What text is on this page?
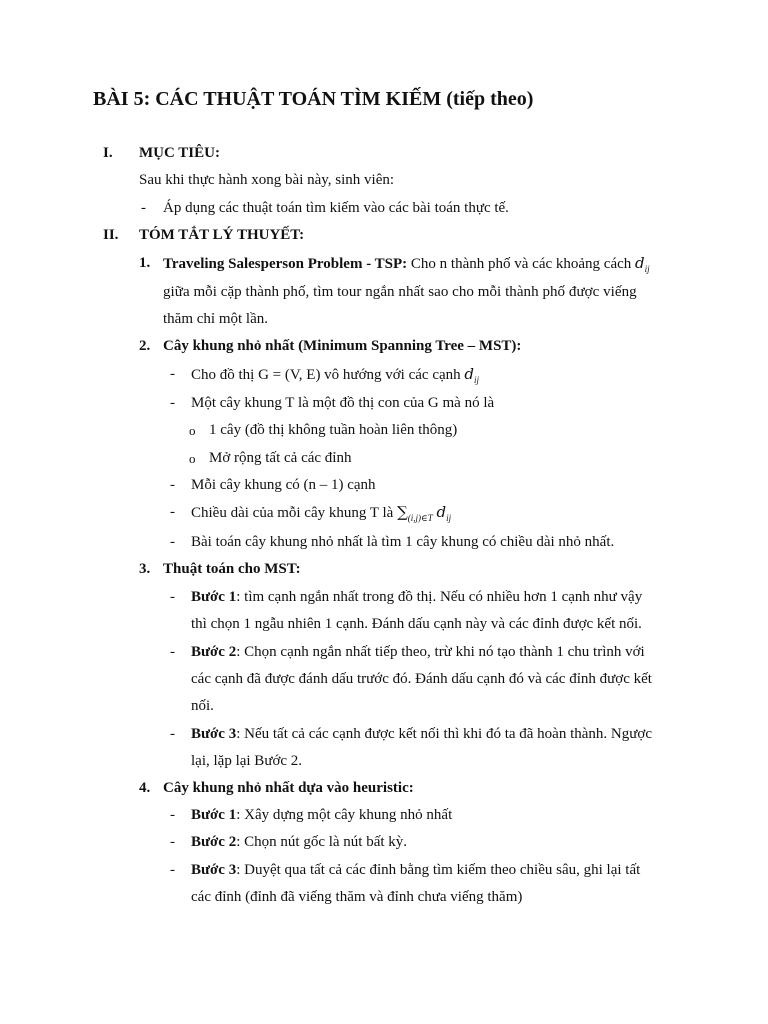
BÀI 5: CÁC THUẬT TOÁN TÌM KIẾM (tiếp theo)
I. MỤC TIÊU:
Sau khi thực hành xong bài này, sinh viên:
- Áp dụng các thuật toán tìm kiếm vào các bài toán thực tế.
II. TÓM TẮT LÝ THUYẾT:
1. Traveling Salesperson Problem - TSP: Cho n thành phố và các khoảng cách $d_{ij}$
giữa mỗi cặp thành phố, tìm tour ngắn nhất sao cho mỗi thành phố được viếng
thăm chỉ một lần.
2. Cây khung nhỏ nhất (Minimum Spanning Tree – MST):
- Cho đồ thị G = (V, E) vô hướng với các cạnh $d_{ij}$
- Một cây khung T là một đồ thị con của G mà nó là
o 1 cây (đồ thị không tuần hoàn liên thông)
o Mở rộng tất cả các đỉnh
- Mỗi cây khung có (n – 1) cạnh
- Chiều dài của mỗi cây khung T là $\sum_{(i,j)\in T}$ $d_{ij}$
- Bài toán cây khung nhỏ nhất là tìm 1 cây khung có chiều dài nhỏ nhất.
3. Thuật toán cho MST:
- Bước 1: tìm cạnh ngắn nhất trong đồ thị. Nếu có nhiều hơn 1 cạnh như vậy
thì chọn 1 ngẫu nhiên 1 cạnh. Đánh dấu cạnh này và các đỉnh được kết nối.
- Bước 2: Chọn cạnh ngắn nhất tiếp theo, trừ khi nó tạo thành 1 chu trình với
các cạnh đã được đánh dấu trước đó. Đánh dấu cạnh đó và các đỉnh được kết
nối.
- Bước 3: Nếu tất cả các cạnh được kết nối thì khi đó ta đã hoàn thành. Ngược
lại, lặp lại Bước 2.
4. Cây khung nhỏ nhất dựa vào heuristic:
- Bước 1: Xây dựng một cây khung nhỏ nhất
- Bước 2: Chọn nút gốc là nút bất kỳ.
- Bước 3: Duyệt qua tất cả các đỉnh bằng tìm kiếm theo chiều sâu, ghi lại tất
các đỉnh (đỉnh đã viếng thăm và đỉnh chưa viếng thăm)
